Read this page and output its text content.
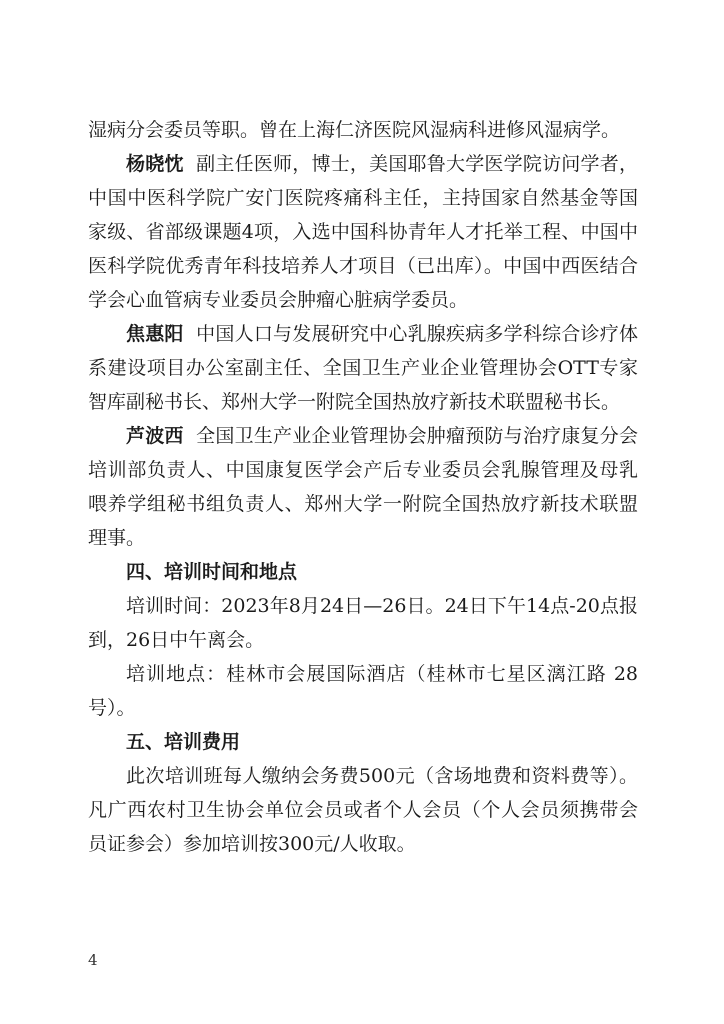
湿病分会委员等职。曾在上海仁济医院风湿病科进修风湿病学。

杨晓忱 副主任医师，博士，美国耶鲁大学医学院访问学者，中国中医科学院广安门医院疼痛科主任，主持国家自然基金等国家级、省部级课题4项，入选中国科协青年人才托举工程、中国中医科学院优秀青年科技培养人才项目（已出库）。中国中西医结合学会心血管病专业委员会肿瘤心脏病学委员。

焦惠阳 中国人口与发展研究中心乳腺疾病多学科综合诊疗体系建设项目办公室副主任、全国卫生产业企业管理协会OTT专家智库副秘书长、郑州大学一附院全国热放疗新技术联盟秘书长。

芦波西 全国卫生产业企业管理协会肿瘤预防与治疗康复分会培训部负责人、中国康复医学会产后专业委员会乳腺管理及母乳喂养学组秘书组负责人、郑州大学一附院全国热放疗新技术联盟理事。

四、培训时间和地点

培训时间：2023年8月24日—26日。24日下午14点-20点报到，26日中午离会。

培训地点：桂林市会展国际酒店（桂林市七星区漓江路 28号）。

五、培训费用

此次培训班每人缴纳会务费500元（含场地费和资料费等）。凡广西农村卫生协会单位会员或者个人会员（个人会员须携带会员证参会）参加培训按300元/人收取。

4
